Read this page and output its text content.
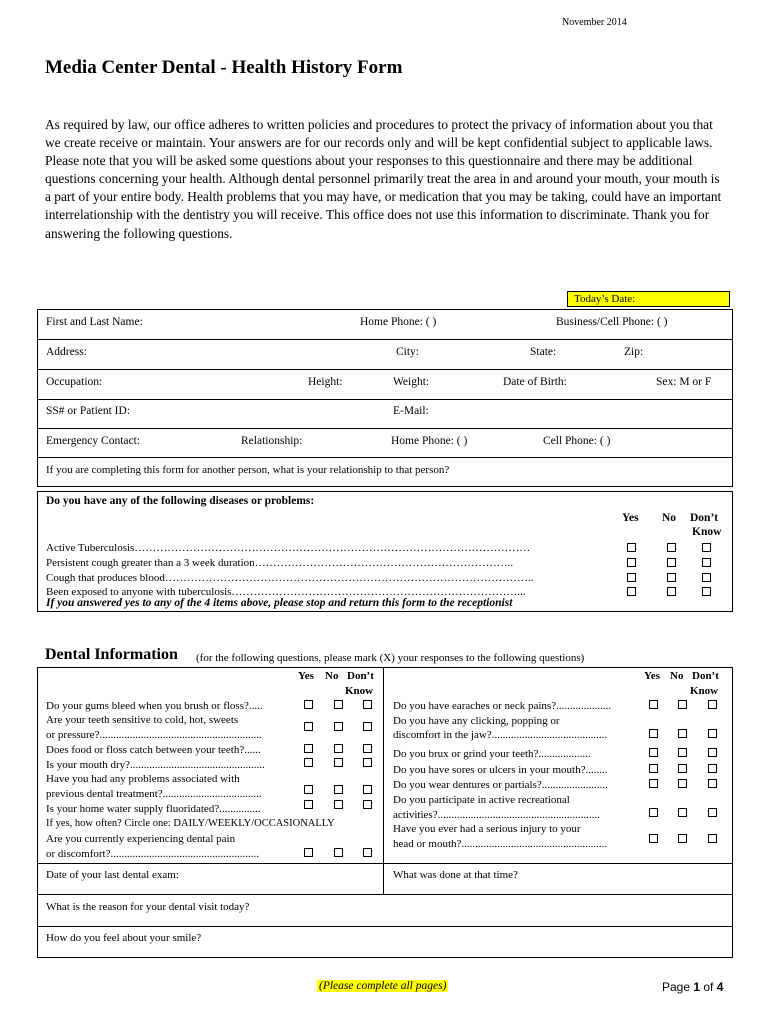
November 2014
Media Center Dental - Health History Form
As required by law, our office adheres to written policies and procedures to protect the privacy of information about you that we create receive or maintain. Your answers are for our records only and will be kept confidential subject to applicable laws. Please note that you will be asked some questions about your responses to this questionnaire and there may be additional questions concerning your health. Although dental personnel primarily treat the area in and around your mouth, your mouth is a part of your entire body. Health problems that you may have, or medication that you may be taking, could have an important interrelationship with the dentistry you will receive. This office does not use this information to discriminate. Thank you for answering the following questions.
Today’s Date:
First and Last Name:	Home Phone: ( )	Business/Cell Phone: ( )
Address:	City:	State:	Zip:
Occupation:	Height:	Weight:	Date of Birth:	Sex: M or F
SS# or Patient ID:	E-Mail:
Emergency Contact:	Relationship:	Home Phone: ( )	Cell Phone: ( )
If you are completing this form for another person, what is your relationship to that person?
Do you have any of the following diseases or problems:
Yes No Don’t
Know
Active Tuberculosis………………………………………………………………………………………………
Persistent cough greater than a 3 week duration……………………………………………………………..
Cough that produces blood………………………………………………………………………………………..
Been exposed to anyone with tuberculosis……………………………………………………………………...
If you answered yes to any of the 4 items above, please stop and return this form to the receptionist
Dental Information (for the following questions, please mark (X) your responses to the following questions)
Yes No Don’t
Know
Yes No Don’t
Know
Do your gums bleed when you brush or floss?.....
Are your teeth sensitive to cold, hot, sweets
or pressure?...........................................................
Does food or floss catch between your teeth?......
Is your mouth dry?.................................................
Have you had any problems associated with
previous dental treatment?....................................
Is your home water supply fluoridated?...............
If yes, how often? Circle one: DAILY/WEEKLY/OCCASIONALLY
Are you currently experiencing dental pain
or discomfort?......................................................
Do you have earaches or neck pains?....................
Do you have any clicking, popping or
discomfort in the jaw?..........................................
Do you brux or grind your teeth?...................
Do you have sores or ulcers in your mouth?........
Do you wear dentures or partials?........................
Do you participate in active recreational
activities?...........................................................
Have you ever had a serious injury to your
head or mouth?.....................................................
Date of your last dental exam:	What was done at that time?
What is the reason for your dental visit today?
How do you feel about your smile?
(Please complete all pages)	Page 1 of 4
